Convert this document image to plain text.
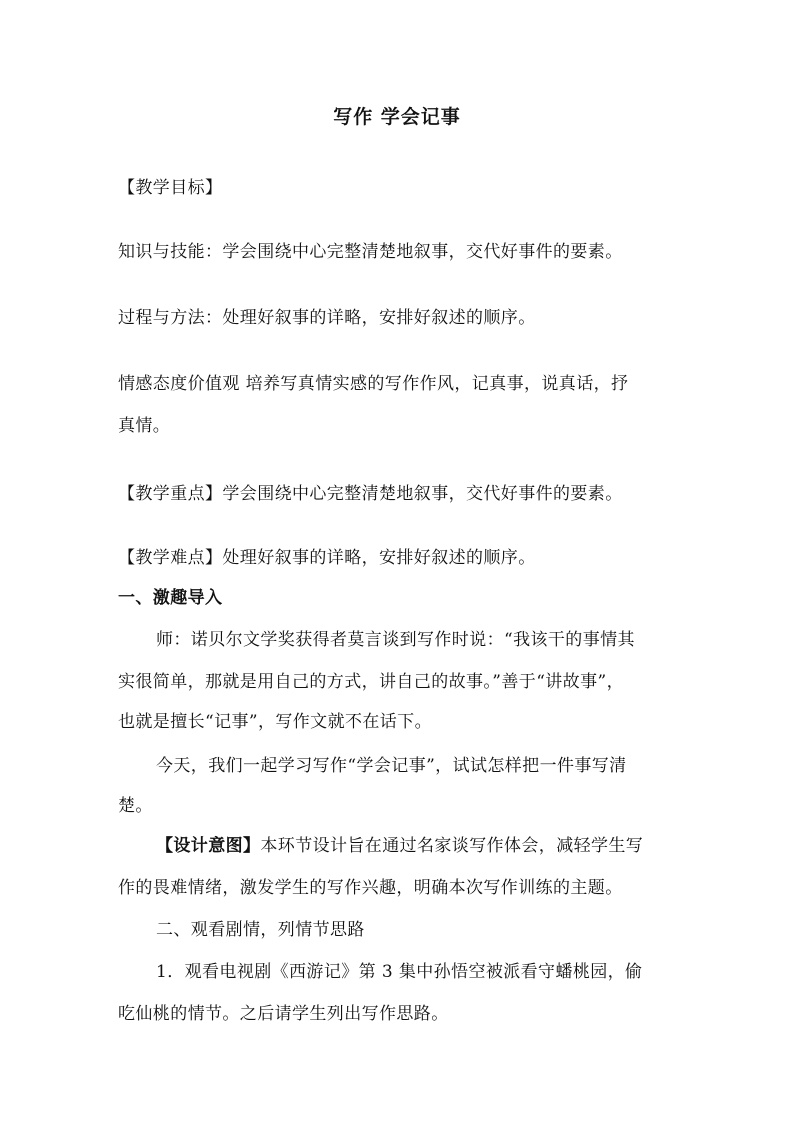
写作 学会记事
【教学目标】
知识与技能：学会围绕中心完整清楚地叙事，交代好事件的要素。
过程与方法：处理好叙事的详略，安排好叙述的顺序。
情感态度价值观 培养写真情实感的写作作风，记真事，说真话，抒
真情。
【教学重点】学会围绕中心完整清楚地叙事，交代好事件的要素。
【教学难点】处理好叙事的详略，安排好叙述的顺序。
一、激趣导入
师：诺贝尔文学奖获得者莫言谈到写作时说：“我该干的事情其
实很简单，那就是用自己的方式，讲自己的故事。”善于“讲故事”，
也就是擅长“记事”，写作文就不在话下。
今天，我们一起学习写作“学会记事”，试试怎样把一件事写清
楚。
【设计意图】本环节设计旨在通过名家谈写作体会，减轻学生写
作的畏难情绪，激发学生的写作兴趣，明确本次写作训练的主题。
二、观看剧情，列情节思路
1．观看电视剧《西游记》第 3 集中孙悟空被派看守蟠桃园，偷
吃仙桃的情节。之后请学生列出写作思路。
